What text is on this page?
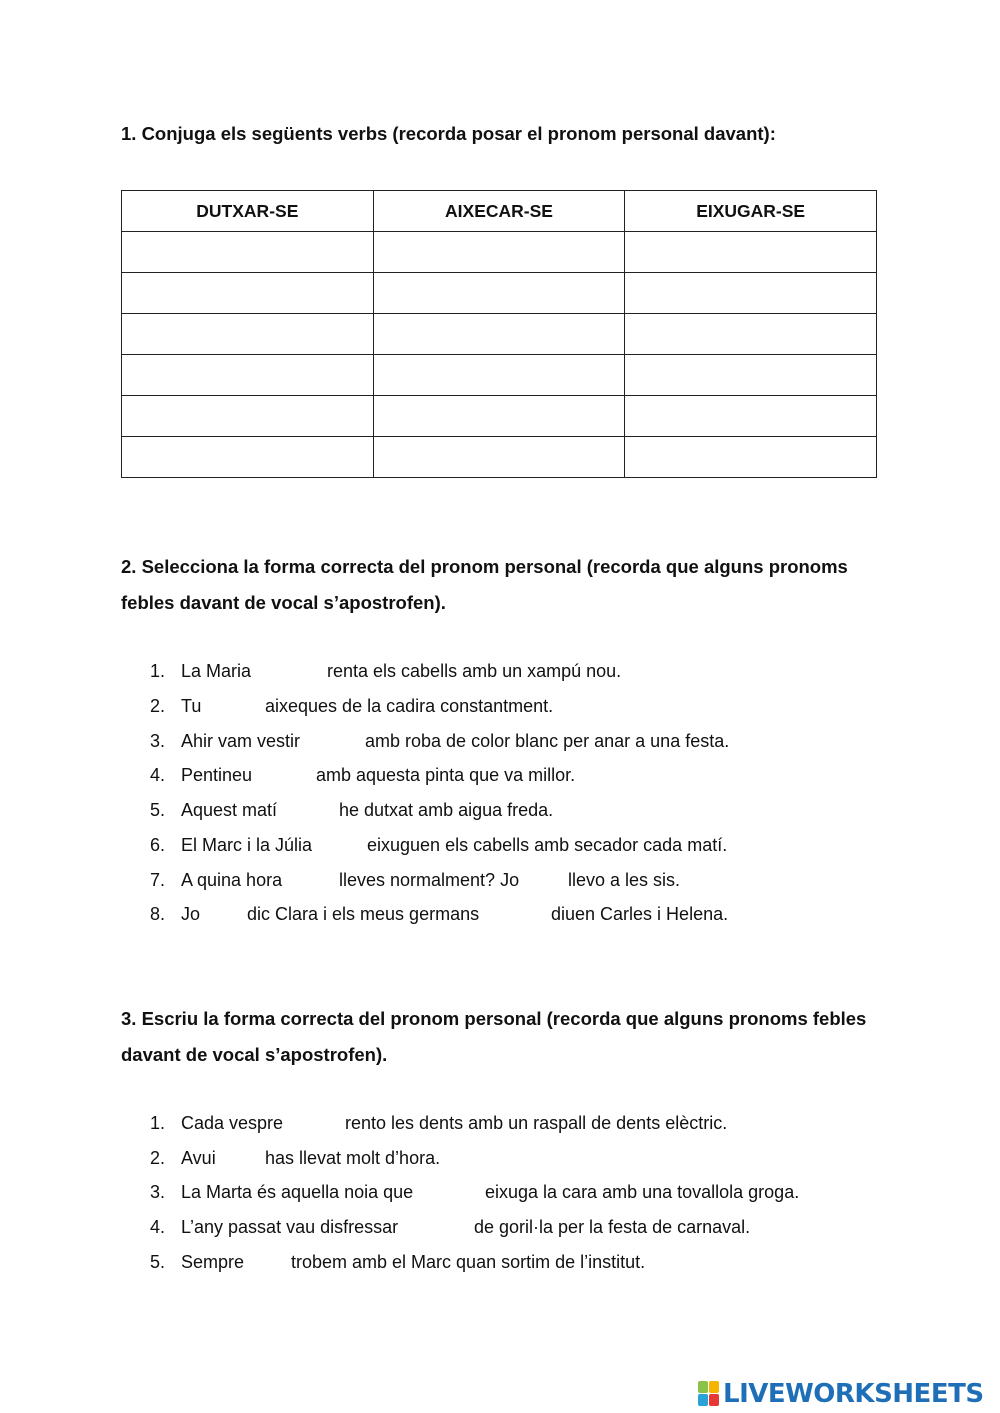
1. Conjuga els següents verbs (recorda posar el pronom personal davant):
DUTXAR-SE	AIXECAR-SE	EIXUGAR-SE

2. Selecciona la forma correcta del pronom personal (recorda que alguns pronoms febles davant de vocal s’apostrofen).
1. La Maria	renta els cabells amb un xampú nou.
2. Tu	aixeques de la cadira constantment.
3. Ahir vam vestir	amb roba de color blanc per anar a una festa.
4. Pentineu	amb aquesta pinta que va millor.
5. Aquest matí	he dutxat amb aigua freda.
6. El Marc i la Júlia	eixuguen els cabells amb secador cada matí.
7. A quina hora	lleves normalment? Jo	llevo a les sis.
8. Jo	dic Clara i els meus germans	diuen Carles i Helena.
3. Escriu la forma correcta del pronom personal (recorda que alguns pronoms febles davant de vocal s’apostrofen).
1. Cada vespre	rento les dents amb un raspall de dents elèctric.
2. Avui	has llevat molt d’hora.
3. La Marta és aquella noia que	eixuga la cara amb una tovallola groga.
4. L’any passat vau disfressar	de goril·la per la festa de carnaval.
5. Sempre	trobem amb el Marc quan sortim de l’institut.
LIVEWORKSHEETS
